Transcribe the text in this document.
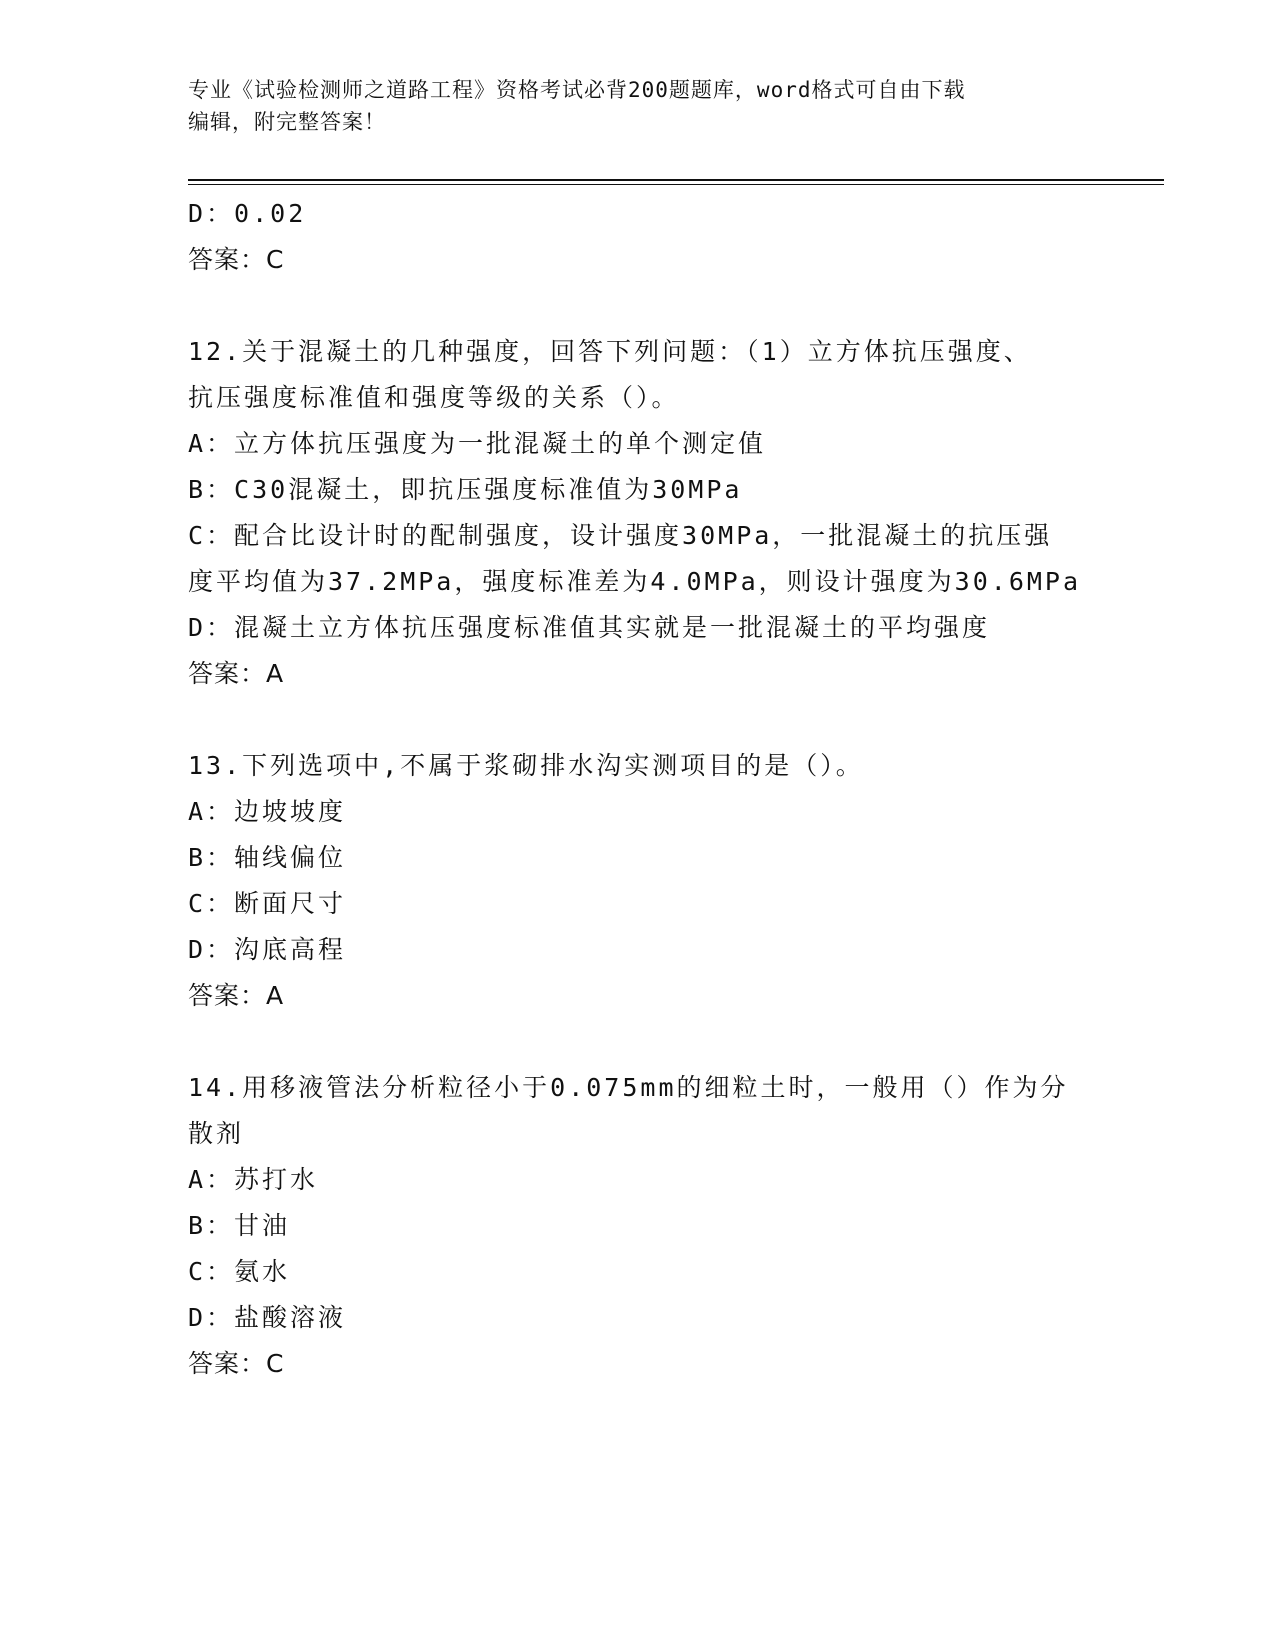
专业《试验检测师之道路工程》资格考试必背200题题库，word格式可自由下载
编辑，附完整答案！
D：0.02
答案：C
12.关于混凝土的几种强度，回答下列问题：（1）立方体抗压强度、
抗压强度标准值和强度等级的关系（）。
A：立方体抗压强度为一批混凝土的单个测定值
B：C30混凝土，即抗压强度标准值为30MPa
C：配合比设计时的配制强度，设计强度30MPa，一批混凝土的抗压强
度平均值为37.2MPa，强度标准差为4.0MPa，则设计强度为30.6MPa
D：混凝土立方体抗压强度标准值其实就是一批混凝土的平均强度
答案：A
13.下列选项中,不属于浆砌排水沟实测项目的是（）。
A：边坡坡度
B：轴线偏位
C：断面尺寸
D：沟底高程
答案：A
14.用移液管法分析粒径小于0.075mm的细粒土时，一般用（）作为分
散剂
A：苏打水
B：甘油
C：氨水
D：盐酸溶液
答案：C
